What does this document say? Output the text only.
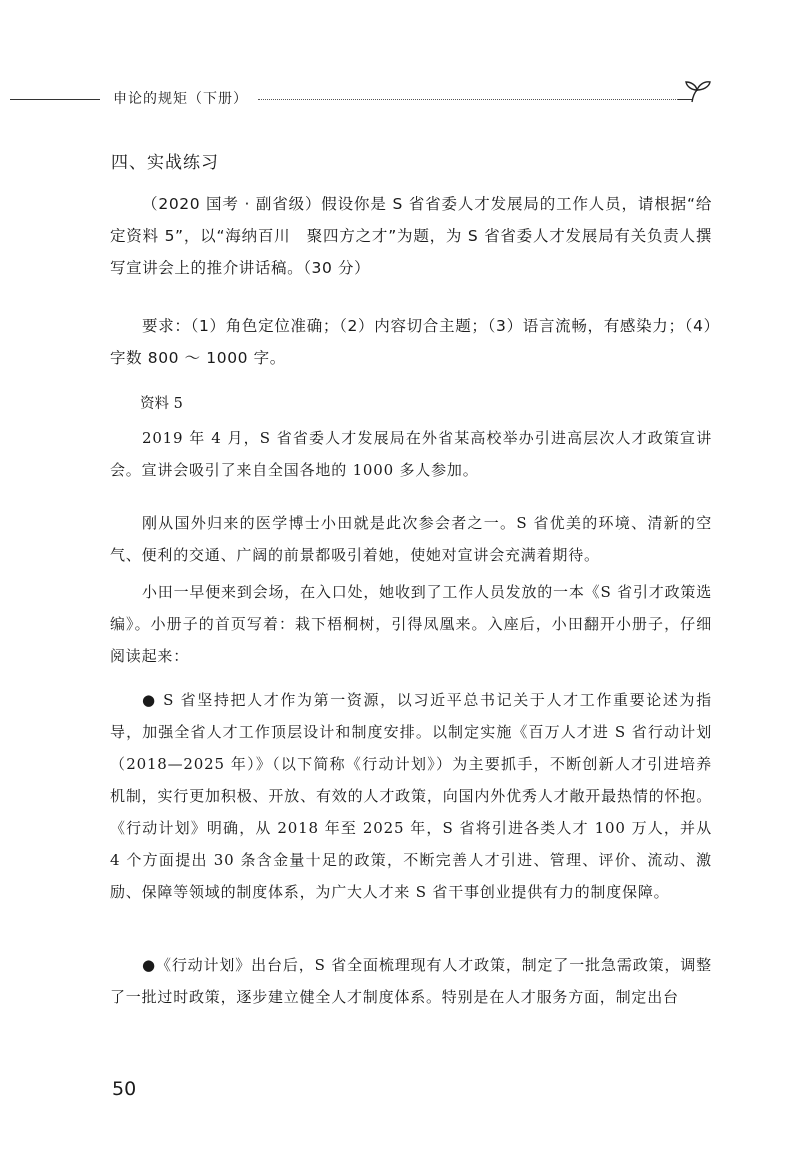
申论的规矩（下册）
四、实战练习
（2020 国考 · 副省级）假设你是 S 省省委人才发展局的工作人员，请根据“给定资料 5”，以“海纳百川　聚四方之才”为题，为 S 省省委人才发展局有关负责人撰写宣讲会上的推介讲话稿。（30 分）
要求：（1）角色定位准确；（2）内容切合主题；（3）语言流畅，有感染力；（4）字数 800 ～ 1000 字。
资料 5
2019 年 4 月，S 省省委人才发展局在外省某高校举办引进高层次人才政策宣讲会。宣讲会吸引了来自全国各地的 1000 多人参加。
刚从国外归来的医学博士小田就是此次参会者之一。S 省优美的环境、清新的空气、便利的交通、广阔的前景都吸引着她，使她对宣讲会充满着期待。
小田一早便来到会场，在入口处，她收到了工作人员发放的一本《S 省引才政策选编》。小册子的首页写着：栽下梧桐树，引得凤凰来。入座后，小田翻开小册子，仔细阅读起来：
● S 省坚持把人才作为第一资源，以习近平总书记关于人才工作重要论述为指导，加强全省人才工作顶层设计和制度安排。以制定实施《百万人才进 S 省行动计划（2018—2025 年）》（以下简称《行动计划》）为主要抓手，不断创新人才引进培养机制，实行更加积极、开放、有效的人才政策，向国内外优秀人才敞开最热情的怀抱。《行动计划》明确，从 2018 年至 2025 年，S 省将引进各类人才 100 万人，并从 4 个方面提出 30 条含金量十足的政策，不断完善人才引进、管理、评价、流动、激励、保障等领域的制度体系，为广大人才来 S 省干事创业提供有力的制度保障。
●《行动计划》出台后，S 省全面梳理现有人才政策，制定了一批急需政策，调整了一批过时政策，逐步建立健全人才制度体系。特别是在人才服务方面，制定出台
50
